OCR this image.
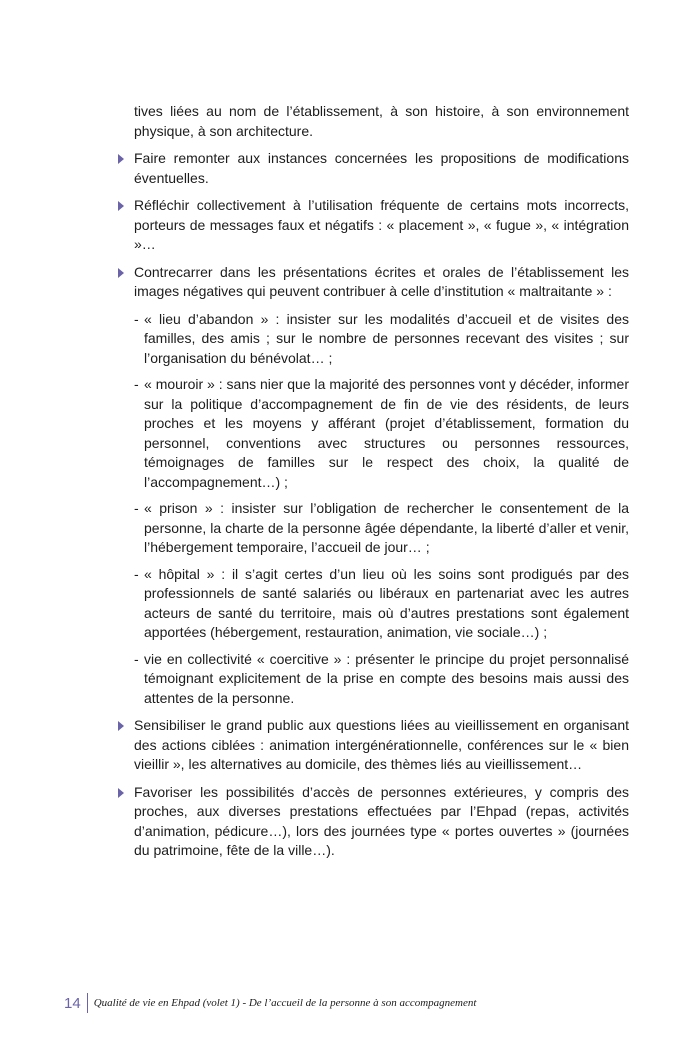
tives liées au nom de l’établissement, à son histoire, à son environnement physique, à son architecture.

Faire remonter aux instances concernées les propositions de modifications éventuelles.
Réfléchir collectivement à l’utilisation fréquente de certains mots incorrects, porteurs de messages faux et négatifs : « placement », « fugue », « intégration »…
Contrecarrer dans les présentations écrites et orales de l’établissement les images négatives qui peuvent contribuer à celle d’institution « maltraitante » :
- « lieu d’abandon » : insister sur les modalités d’accueil et de visites des familles, des amis ; sur le nombre de personnes recevant des visites ; sur l’organisation du bénévolat… ;
- « mouroir » : sans nier que la majorité des personnes vont y décéder, informer sur la politique d’accompagnement de fin de vie des résidents, de leurs proches et les moyens y afférant (projet d’établissement, formation du personnel, conventions avec structures ou personnes ressources, témoignages de familles sur le respect des choix, la qualité de l’accompagnement…) ;
- « prison » : insister sur l’obligation de rechercher le consentement de la personne, la charte de la personne âgée dépendante, la liberté d’aller et venir, l’hébergement temporaire, l’accueil de jour… ;
- « hôpital » : il s’agit certes d’un lieu où les soins sont prodigués par des professionnels de santé salariés ou libéraux en partenariat avec les autres acteurs de santé du territoire, mais où d’autres prestations sont également apportées (hébergement, restauration, animation, vie sociale…) ;
- vie en collectivité « coercitive » : présenter le principe du projet personnalisé témoignant explicitement de la prise en compte des besoins mais aussi des attentes de la personne.
Sensibiliser le grand public aux questions liées au vieillissement en organisant des actions ciblées : animation intergénérationnelle, conférences sur le « bien vieillir », les alternatives au domicile, des thèmes liés au vieillissement…
Favoriser les possibilités d’accès de personnes extérieures, y compris des proches, aux diverses prestations effectuées par l’Ehpad (repas, activités d’animation, pédicure…), lors des journées type « portes ouvertes » (journées du patrimoine, fête de la ville…).
14	Qualité de vie en Ehpad (volet 1) - De l’accueil de la personne à son accompagnement
